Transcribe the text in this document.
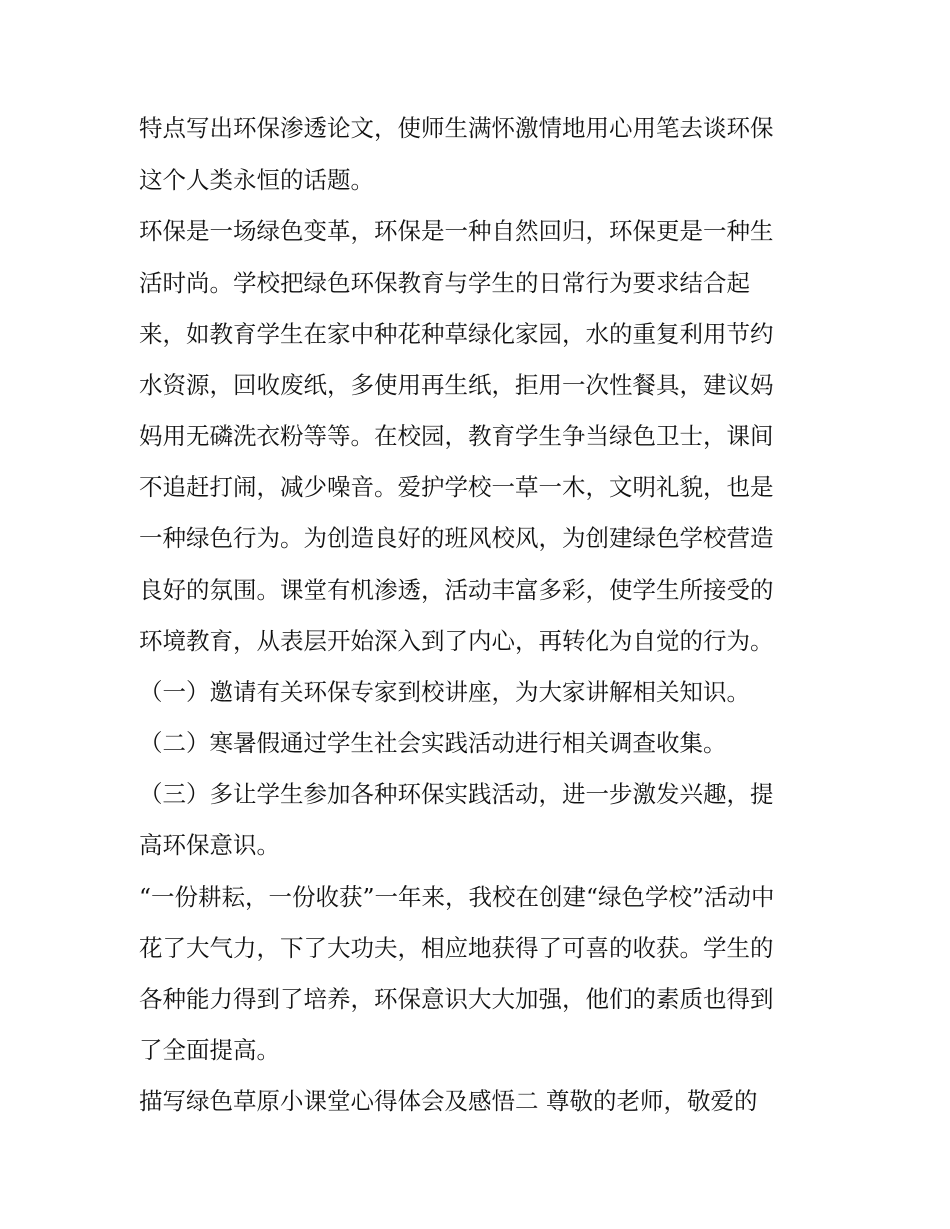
特点写出环保渗透论文，使师生满怀激情地用心用笔去谈环保
这个人类永恒的话题。
环保是一场绿色变革，环保是一种自然回归，环保更是一种生
活时尚。学校把绿色环保教育与学生的日常行为要求结合起
来，如教育学生在家中种花种草绿化家园，水的重复利用节约
水资源，回收废纸，多使用再生纸，拒用一次性餐具，建议妈
妈用无磷洗衣粉等等。在校园，教育学生争当绿色卫士，课间
不追赶打闹，减少噪音。爱护学校一草一木，文明礼貌，也是
一种绿色行为。为创造良好的班风校风，为创建绿色学校营造
良好的氛围。课堂有机渗透，活动丰富多彩，使学生所接受的
环境教育，从表层开始深入到了内心，再转化为自觉的行为。
（一）邀请有关环保专家到校讲座，为大家讲解相关知识。
（二）寒暑假通过学生社会实践活动进行相关调查收集。
（三）多让学生参加各种环保实践活动，进一步激发兴趣，提
高环保意识。
“一份耕耘，一份收获”一年来，我校在创建“绿色学校”活动中
花了大气力，下了大功夫，相应地获得了可喜的收获。学生的
各种能力得到了培养，环保意识大大加强，他们的素质也得到
了全面提高。
描写绿色草原小课堂心得体会及感悟二 尊敬的老师，敬爱的
